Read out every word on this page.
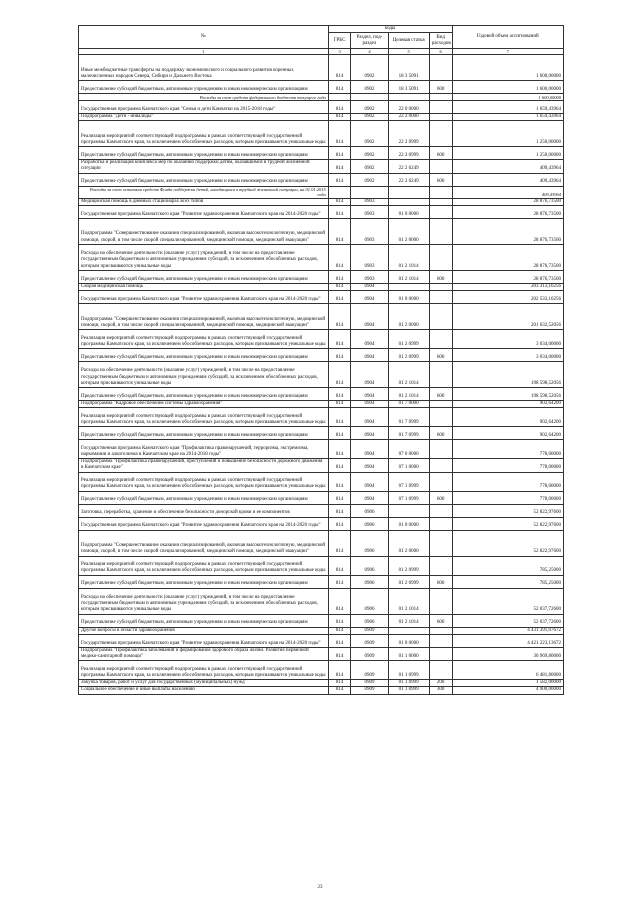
№	коды				Годовой объем ассигнований
	ГРБС	Раздел, под-раздел	Целевая статья	Вид расходов	
1	3	4	5	6	7
Иные межбюджетные трансферты на поддержку экономического и социального развития коренных малочисленных народов Севера, Сибири и Дальнего Востока	814	0902	18 3 5091		1 600,00000
Предоставление субсидий бюджетным, автономным учреждениям и иным некоммерческим организациям	814	0902	18 3 5091	600	1 600,00000
Расходы за счет средств федерального бюджета текущего года					1 600,00000
Государственная программа Камчатского края "Семья и дети Камчатки на 2015-2018 годы"	814	0902	22 0 0000		1 659,43964
Подпрограмма "Дети - инвалиды"	814	0902	22 2 0000		1 659,43964
Реализация мероприятий соответствующей подпрограммы в рамках соответствующей государственной программы Камчатского края, за исключением обособленных расходов, которым присваиваются уникальные коды	814	0902	22 2 0999		1 250,00000
Предоставление субсидий бюджетным, автономным учреждениям и иным некоммерческим организациям	814	0902	22 2 0999	600	1 250,00000
Разработка и реализация комплекса мер по оказанию поддержки детям, оказавшимся в трудной жизненной ситуации	814	0902	22 2 6249		409,43964
Предоставление субсидий бюджетным, автономным учреждениям и иным некоммерческим организациям	814	0902	22 2 6249	600	409,43964
Расходы за счет остатков средств Фонда поддержки детей, находящихся в трудной жизненной ситуации, на 01.01.2015 года					409,43964
Медицинская помощь в дневных стационарах всех типов	814	0903			28 876,73500
Государственная программа Камчатского края "Развитие здравоохранения Камчатского края на 2014-2020 годы"	814	0903	01 0 0000		28 876,73500
Подпрограмма "Совершенствование оказания специализированной, включая высокотехнологичную, медицинской помощи, скорой, в том числе скорой специализированной, медицинской помощи, медицинской эвакуации"	814	0903	01 2 0000		28 876,73500
Расходы на обеспечение деятельности (оказание услуг) учреждений, в том числе на предоставление государственным бюджетным и автономным учреждениям субсидий, за исключением обособленных расходов, которым присваиваются уникальные коды	814	0903	01 2 1014		28 876,73500
Предоставление субсидий бюджетным, автономным учреждениям и иным некоммерческим организациям	814	0903	01 2 1014	600	28 876,73500
Скорая медицинская помощь	814	0904			203 313,16256
Государственная программа Камчатского края "Развитие здравоохранения Камчатского края на 2014-2020 годы"	814	0904	01 0 0000		202 533,16256
Подпрограмма "Совершенствование оказания специализированной, включая высокотехнологичную, медицинской помощи, скорой, в том числе скорой специализированной, медицинской помощи, медицинской эвакуации"	814	0904	01 2 0000		201 632,52056
Реализация мероприятий соответствующей подпрограммы в рамках соответствующей государственной программы Камчатского края, за исключением обособленных расходов, которым присваиваются уникальные коды	814	0904	01 2 0999		3 034,00000
Предоставление субсидий бюджетным, автономным учреждениям и иным некоммерческим организациям	814	0904	01 2 0999	600	3 034,00000
Расходы на обеспечение деятельности (оказание услуг) учреждений, в том числе на предоставление государственным бюджетным и автономным учреждениям субсидий, за исключением обособленных расходов, которым присваиваются уникальные коды	814	0904	01 2 1014		198 598,52056
Предоставление субсидий бюджетным, автономным учреждениям и иным некоммерческим организациям	814	0904	01 2 1014	600	198 598,52056
Подпрограмма "Кадровое обеспечение системы здравоохранения"	814	0904	01 7 0000		902,64200
Реализация мероприятий соответствующей подпрограммы в рамках соответствующей государственной программы Камчатского края, за исключением обособленных расходов, которым присваиваются уникальные коды	814	0904	01 7 0999		902,64200
Предоставление субсидий бюджетным, автономным учреждениям и иным некоммерческим организациям	814	0904	01 7 0999	600	902,64200
Государственная программа Камчатского края "Профилактика правонарушений, терроризма, экстремизма, наркомании и алкоголизма в Камчатском крае на 2014-2018 годы"	814	0904	07 0 0000		778,00000
Подпрограмма "Профилактика правонарушений, преступлений и повышение безопасности дорожного движения в Камчатском крае"	814	0904	07 1 0000		778,00000
Реализация мероприятий соответствующей подпрограммы в рамках соответствующей государственной программы Камчатского края, за исключением обособленных расходов, которым присваиваются уникальные коды	814	0904	07 1 0999		778,00000
Предоставление субсидий бюджетным, автономным учреждениям и иным некоммерческим организациям	814	0904	07 1 0999	600	778,00000
Заготовка, переработка, хранение и обеспечение безопасности донорской крови и ее компонентов	814	0906			52 822,97600
Государственная программа Камчатского края "Развитие здравоохранения Камчатского края на 2014-2020 годы"	814	0906	01 0 0000		52 822,97600
Подпрограмма "Совершенствование оказания специализированной, включая высокотехнологичную, медицинской помощи, скорой, в том числе скорой специализированной, медицинской помощи, медицинской эвакуации"	814	0906	01 2 0000		52 822,97600
Реализация мероприятий соответствующей подпрограммы в рамках соответствующей государственной программы Камчатского края, за исключением обособленных расходов, которым присваиваются уникальные коды	814	0906	01 2 0999		785,25000
Предоставление субсидий бюджетным, автономным учреждениям и иным некоммерческим организациям	814	0906	01 2 0999	600	785,25000
Расходы на обеспечение деятельности (оказание услуг) учреждений, в том числе на предоставление государственным бюджетным и автономным учреждениям субсидий, за исключением обособленных расходов, которым присваиваются уникальные коды	814	0906	01 2 1014		52 037,72600
Предоставление субсидий бюджетным, автономным учреждениям и иным некоммерческим организациям	814	0906	01 2 1014	600	52 037,72600
Другие вопросы в области здравоохранения	814	0909			4 431 391,07672
Государственная программа Камчатского края "Развитие здравоохранения Камчатского края на 2014-2020 годы"	814	0909	01 0 0000		4 421 223,13672
Подпрограмма "Профилактика заболеваний и формирование здорового образа жизни. Развитие первичной медико-санитарной помощи"	814	0909	01 1 0000		30 969,80000
Реализация мероприятий соответствующей подпрограммы в рамках соответствующей государственной программы Камчатского края, за исключением обособленных расходов, которым присваиваются уникальные коды	814	0909	01 1 0999		6 481,80000
Закупка товаров, работ и услуг для государственных (муниципальных) нужд	814	0909	01 1 0999	200	1 582,00000
Социальное обеспечение и иные выплаты населению	814	0909	01 1 0999	300	4 900,00000
23
